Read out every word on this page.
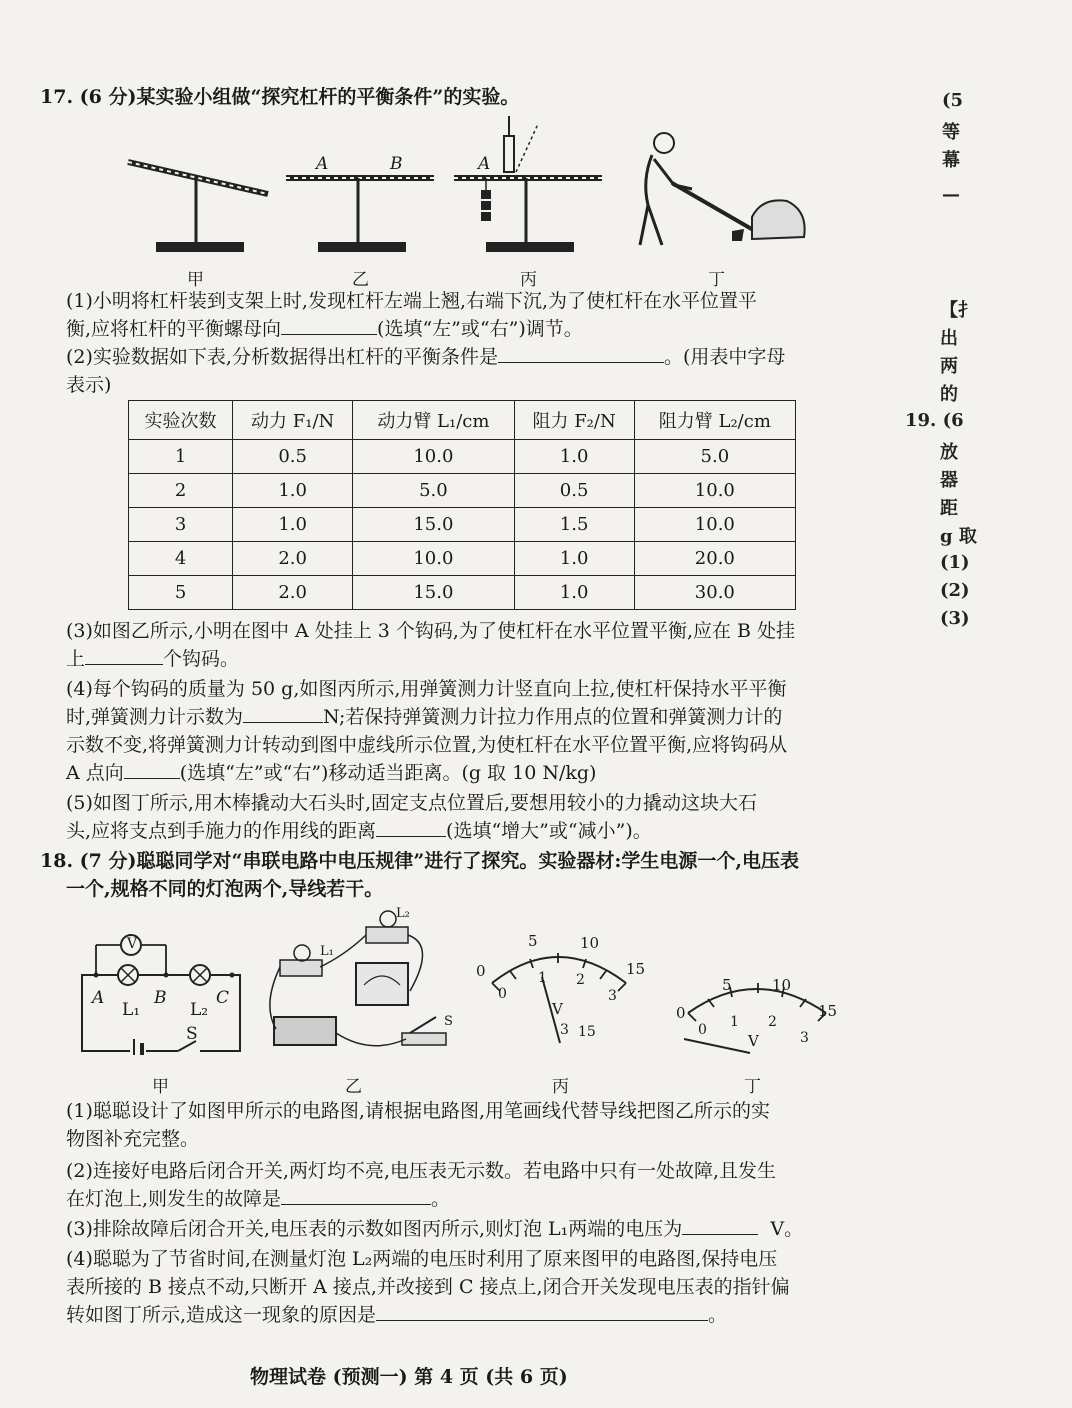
17. (6 分)某实验小组做“探究杠杆的平衡条件”的实验。
甲
A	B
乙
A
丙	丁
(1)小明将杠杆装到支架上时,发现杠杆左端上翘,右端下沉,为了使杠杆在水平位置平
衡,应将杠杆的平衡螺母向	(选填“左”或“右”)调节。
(2)实验数据如下表,分析数据得出杠杆的平衡条件是	。(用表中字母
表示)
实验次数	动力 F₁/N	动力臂 L₁/cm	阻力 F₂/N	阻力臂 L₂/cm
1	0.5	10.0	1.0	5.0
2	1.0	5.0	0.5	10.0
3	1.0	15.0	1.5	10.0
4	2.0	10.0	1.0	20.0
5	2.0	15.0	1.0	30.0
(3)如图乙所示,小明在图中 A 处挂上 3 个钩码,为了使杠杆在水平位置平衡,应在 B 处挂
上	个钩码。
(4)每个钩码的质量为 50 g,如图丙所示,用弹簧测力计竖直向上拉,使杠杆保持水平平衡
时,弹簧测力计示数为	N;若保持弹簧测力计拉力作用点的位置和弹簧测力计的
示数不变,将弹簧测力计转动到图中虚线所示位置,为使杠杆在水平位置平衡,应将钩码从
A 点向	(选填“左”或“右”)移动适当距离。(g 取 10 N/kg)
(5)如图丁所示,用木棒撬动大石头时,固定支点位置后,要想用较小的力撬动这块大石
头,应将支点到手施力的作用线的距离	(选填“增大”或“减小”)。
18. (7 分)聪聪同学对“串联电路中电压规律”进行了探究。实验器材:学生电源一个,电压表
一个,规格不同的灯泡两个,导线若干。
V
A	B	C
L₁	L₂
S
甲
L₁
L₂
S
乙
0
5	10
15
0
1 2
3
V
3 15
丙
0
5	10
15
0 1 2
3
V
丁
(1)聪聪设计了如图甲所示的电路图,请根据电路图,用笔画线代替导线把图乙所示的实
物图补充完整。
(2)连接好电路后闭合开关,两灯均不亮,电压表无示数。若电路中只有一处故障,且发生
在灯泡上,则发生的故障是	。
(3)排除故障后闭合开关,电压表的示数如图丙所示,则灯泡 L₁两端的电压为	V。
(4)聪聪为了节省时间,在测量灯泡 L₂两端的电压时利用了原来图甲的电路图,保持电压
表所接的 B 接点不动,只断开 A 接点,并改接到 C 接点上,闭合开关发现电压表的指针偏
转如图丁所示,造成这一现象的原因是	。
(5
等
幕
—
【扌
出
两
的
19. (6
放
器
距
g 取
(1)
(2)
(3)
物理试卷 (预测一) 第 4 页 (共 6 页)
